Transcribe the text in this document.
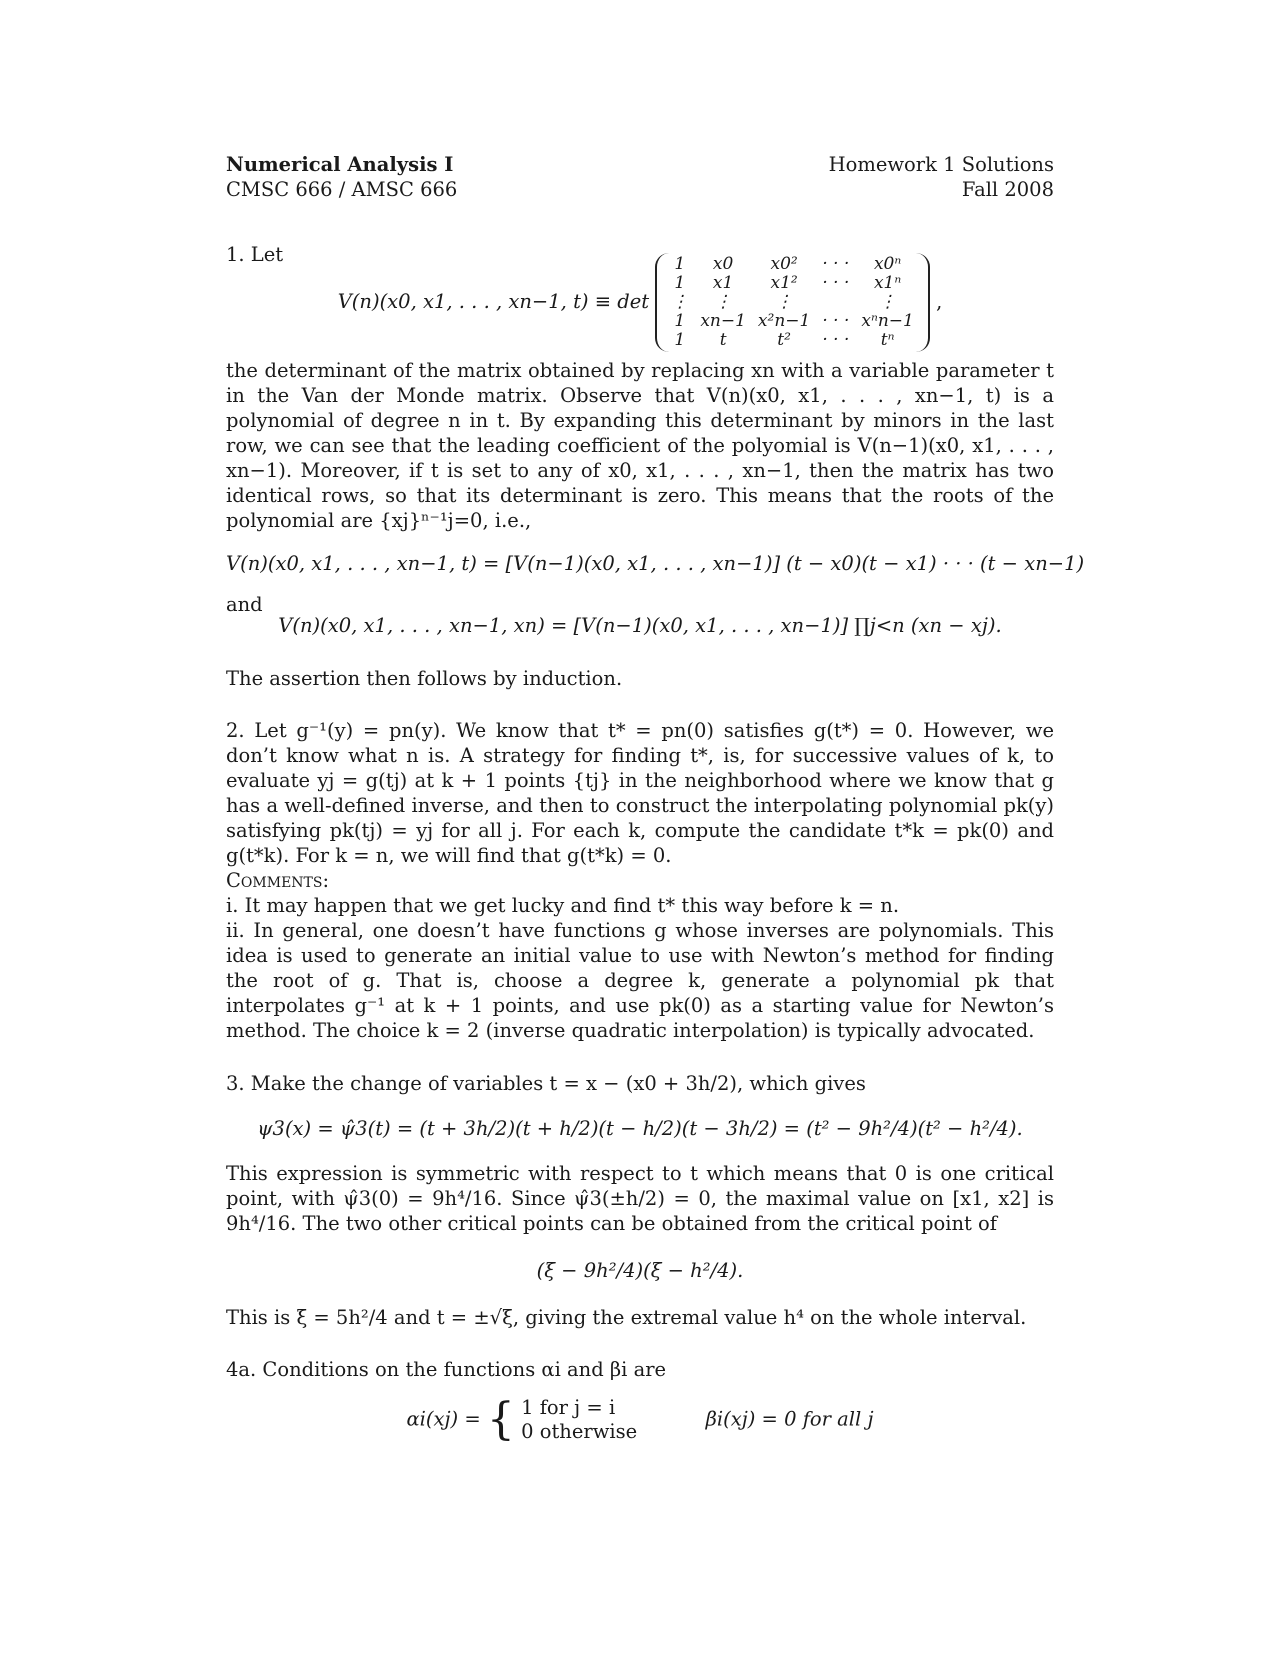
Numerical Analysis I
CMSC 666 / AMSC 666
Homework 1 Solutions
Fall 2008

1. Let

V(n)(x0, x1, . . . , xn−1, t) ≡ det
1	x0	x0²	· · ·	x0ⁿ
1	x1	x1²	· · ·	x1ⁿ
⋮	⋮	⋮		⋮
1	xn−1	x²n−1	· · ·	xⁿn−1
1	t	t²	· · ·	tⁿ
,

the determinant of the matrix obtained by replacing xn with a variable parameter t in the Van der Monde matrix. Observe that V(n)(x0, x1, . . . , xn−1, t) is a polynomial of degree n in t. By expanding this determinant by minors in the last row, we can see that the leading coefficient of the polyomial is V(n−1)(x0, x1, . . . , xn−1). Moreover, if t is set to any of x0, x1, . . . , xn−1, then the matrix has two identical rows, so that its determinant is zero. This means that the roots of the polynomial are {xj}ⁿ⁻¹j=0, i.e.,

V(n)(x0, x1, . . . , xn−1, t) = [V(n−1)(x0, x1, . . . , xn−1)] (t − x0)(t − x1) · · · (t − xn−1)

and

V(n)(x0, x1, . . . , xn−1, xn) = [V(n−1)(x0, x1, . . . , xn−1)] ∏j<n (xn − xj).

The assertion then follows by induction.

2. Let g⁻¹(y) = pn(y). We know that t* = pn(0) satisfies g(t*) = 0. However, we don’t know what n is. A strategy for finding t*, is, for successive values of k, to evaluate yj = g(tj) at k + 1 points {tj} in the neighborhood where we know that g has a well-defined inverse, and then to construct the interpolating polynomial pk(y) satisfying pk(tj) = yj for all j. For each k, compute the candidate t*k = pk(0) and g(t*k). For k = n, we will find that g(t*k) = 0.

Comments:

i. It may happen that we get lucky and find t* this way before k = n.

ii. In general, one doesn’t have functions g whose inverses are polynomials. This idea is used to generate an initial value to use with Newton’s method for finding the root of g. That is, choose a degree k, generate a polynomial pk that interpolates g⁻¹ at k + 1 points, and use pk(0) as a starting value for Newton’s method. The choice k = 2 (inverse quadratic interpolation) is typically advocated.

3. Make the change of variables t = x − (x0 + 3h/2), which gives

ψ3(x) = ψ̂3(t) = (t + 3h/2)(t + h/2)(t − h/2)(t − 3h/2) = (t² − 9h²/4)(t² − h²/4).

This expression is symmetric with respect to t which means that 0 is one critical point, with ψ̂3(0) = 9h⁴/16. Since ψ̂3(±h/2) = 0, the maximal value on [x1, x2] is 9h⁴/16. The two other critical points can be obtained from the critical point of

(ξ − 9h²/4)(ξ − h²/4).

This is ξ = 5h²/4 and t = ±√ξ, giving the extremal value h⁴ on the whole interval.

4a. Conditions on the functions αi and βi are

αi(xj) = { 1 for j = i
0 otherwise
βi(xj) = 0 for all j
